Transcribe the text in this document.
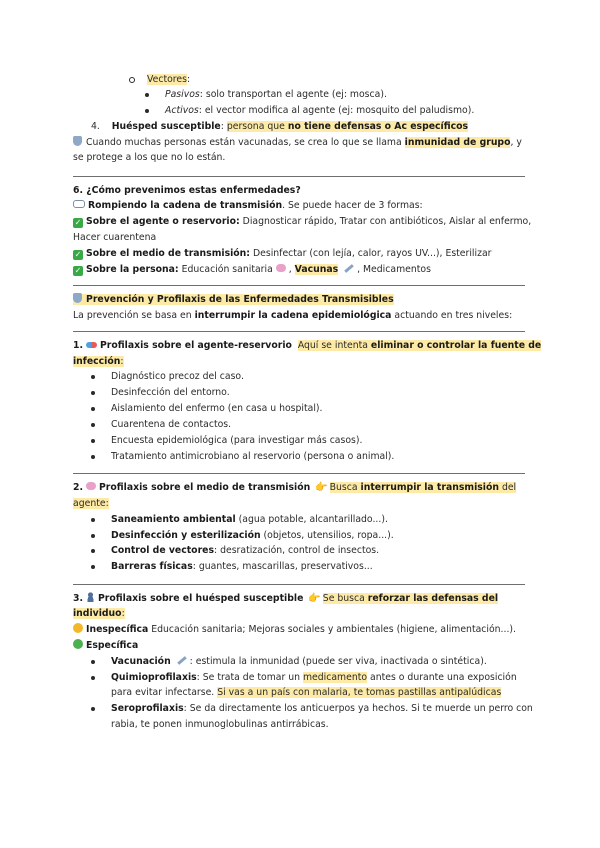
Vectores:
Pasivos: solo transportan el agente (ej: mosca).
Activos: el vector modifica al agente (ej: mosquito del paludismo).
4. Huésped susceptible: persona que no tiene defensas o Ac específicos
Cuando muchas personas están vacunadas, se crea lo que se llama inmunidad de grupo, y
se protege a los que no lo están.
6. ¿Cómo prevenimos estas enfermedades?
Rompiendo la cadena de transmisión. Se puede hacer de 3 formas:
✓ Sobre el agente o reservorio: Diagnosticar rápido, Tratar con antibióticos, Aislar al enfermo,
Hacer cuarentena
✓ Sobre el medio de transmisión: Desinfectar (con lejía, calor, rayos UV...), Esterilizar
✓ Sobre la persona: Educación sanitaria , Vacunas , Medicamentos
Prevención y Profilaxis de las Enfermedades Transmisibles
La prevención se basa en interrumpir la cadena epidemiológica actuando en tres niveles:
1. Profilaxis sobre el agente-reservorio Aquí se intenta eliminar o controlar la fuente de
infección:
Diagnóstico precoz del caso.
Desinfección del entorno.
Aislamiento del enfermo (en casa u hospital).
Cuarentena de contactos.
Encuesta epidemiológica (para investigar más casos).
Tratamiento antimicrobiano al reservorio (persona o animal).
2. Profilaxis sobre el medio de transmisión 👉 Busca interrumpir la transmisión del
agente:
Saneamiento ambiental (agua potable, alcantarillado...).
Desinfección y esterilización (objetos, utensilios, ropa...).
Control de vectores: desratización, control de insectos.
Barreras físicas: guantes, mascarillas, preservativos...
3. Profilaxis sobre el huésped susceptible 👉 Se busca reforzar las defensas del
individuo:
Inespecífica Educación sanitaria; Mejoras sociales y ambientales (higiene, alimentación...).
Específica
Vacunación : estimula la inmunidad (puede ser viva, inactivada o sintética).
Quimioprofilaxis: Se trata de tomar un medicamento antes o durante una exposición
para evitar infectarse. Si vas a un país con malaria, te tomas pastillas antipalúdicas
Seroprofilaxis: Se da directamente los anticuerpos ya hechos. Si te muerde un perro con
rabia, te ponen inmunoglobulinas antirrábicas.
